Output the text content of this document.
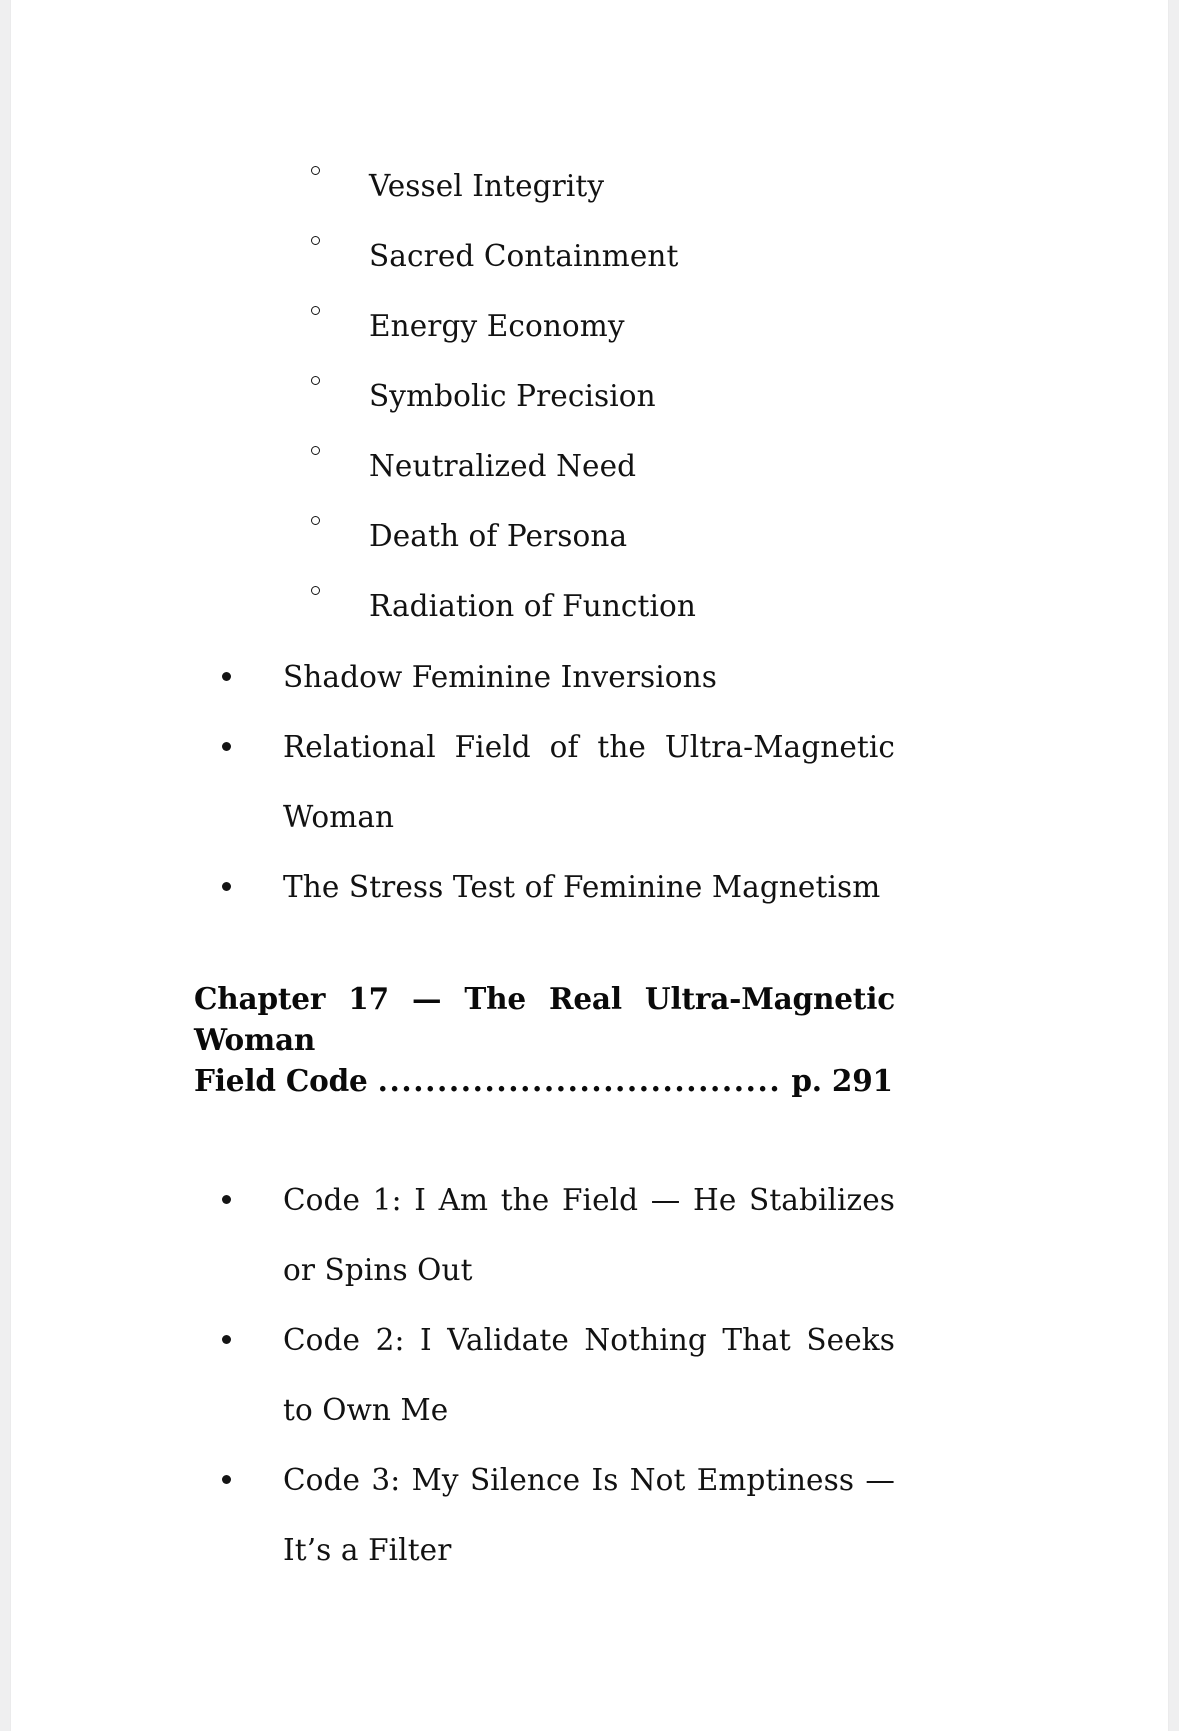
Vessel Integrity
Sacred Containment
Energy Economy
Symbolic Precision
Neutralized Need
Death of Persona
Radiation of Function
Shadow Feminine Inversions
Relational Field of the Ultra-Magnetic Woman
The Stress Test of Feminine Magnetism
Chapter 17 — The Real Ultra-Magnetic Woman
Field Code .................................. p. 291
Code 1: I Am the Field — He Stabilizes or Spins Out
Code 2: I Validate Nothing That Seeks to Own Me
Code 3: My Silence Is Not Emptiness — It’s a Filter
